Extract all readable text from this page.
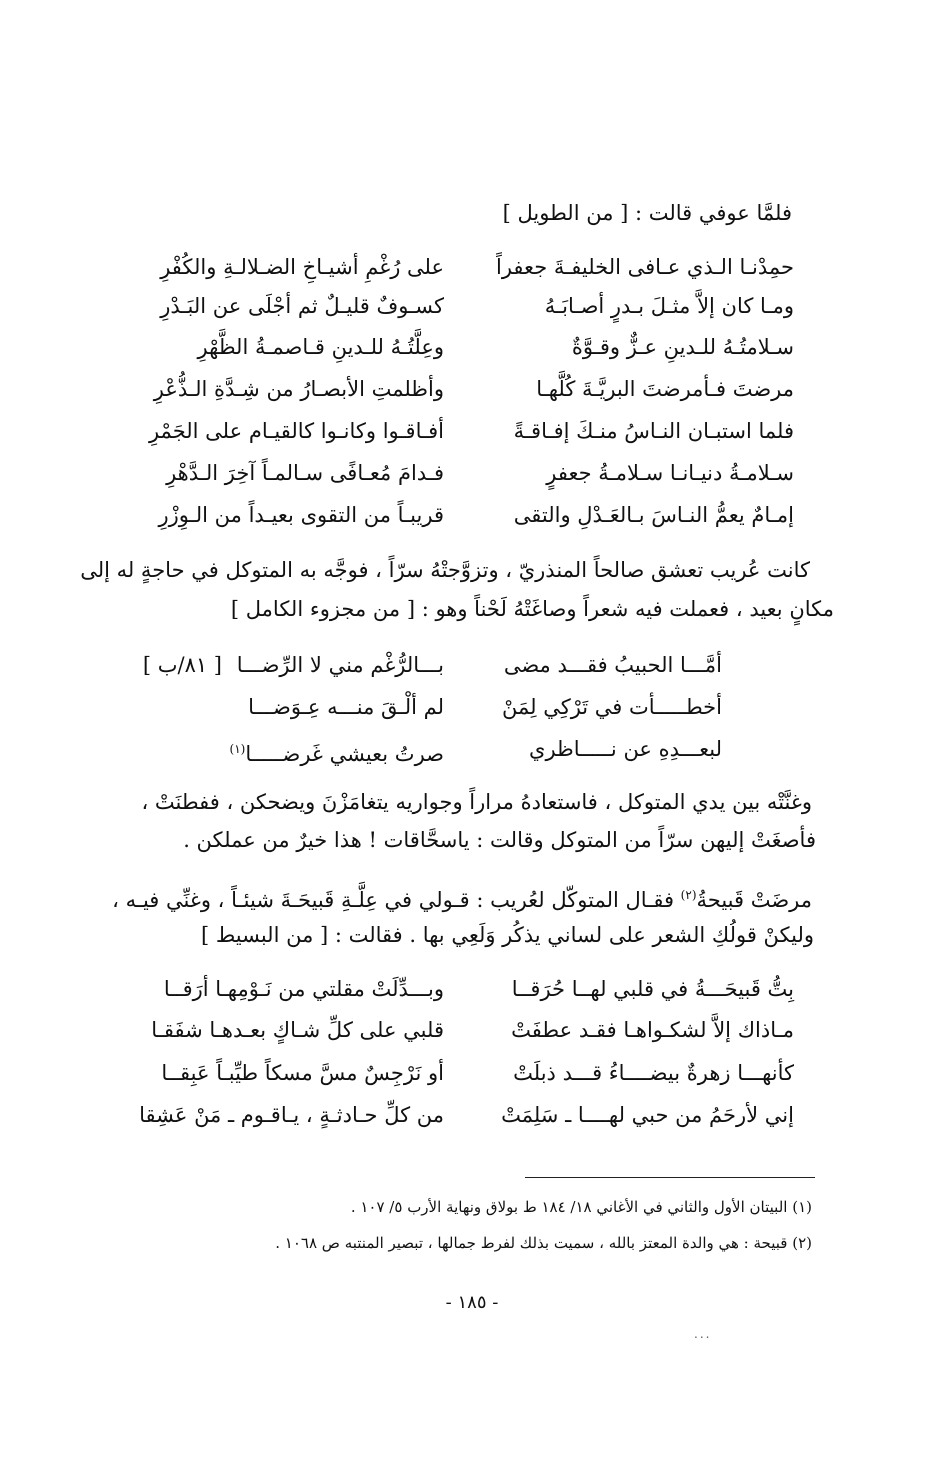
فلمَّا عوفي قالت : [ من الطويل ]
حمِدْنـا الـذي عـافى الخليفـةَ جعفراً
على رُغْمِ أشيـاخِ الضـلالـةِ والكُفْرِ
ومـا كان إلاَّ مثـلَ بـدرٍ أصـابَـهُ
كسـوفٌ قليـلٌ ثم أجْلَى عن البَـدْرِ
سـلامتُـهُ للـدينِ عـزٌّ وقـوَّةٌ
وعِلَّتُـهُ للـدينِ قـاصمـةُ الظَّهْرِ
مرضتَ فـأمرضتَ البريَّـةَ كُلَّهـا
وأظلمتِ الأبصـارُ من شِـدَّةِ الـذُّعْرِ
فلما استبـان النـاسُ منـكَ إفـاقـةً
أفـاقـوا وكانـوا كالقيـام على الجَمْرِ
سـلامـةُ دنيـانـا سـلامـةُ جعفرٍ
فـدامَ مُعـافًى سـالمـاً آخِرَ الـدَّهْرِ
إمـامٌ يعمُّ النـاسَ بـالعَـدْلِ والتقى
قريبـاً من التقوى بعيـداً من الـوِزْرِ
كانت عُريب تعشق صالحاً المنذريّ ، وتزوَّجتْهُ سرّاً ، فوجَّه به المتوكل في حاجةٍ له إلى
مكانٍ بعيد ، فعملت فيه شعراً وصاغَتْهُ لَحْناً وهو : [ من مجزوء الكامل ]
[ ٨١/ب ]	أمَّـــا الحبيبُ فقـــد مضى
بـــالرُّغْم مني لا الرِّضـــا
أخطـــــأت في تَرْكِي لِمَنْ
لم ألْـقَ منـــه عِـوَضـــا
لبعـــدِهِ عن نـــــاظري
صرتُ بعيشي غَرضـــــا$^{(١)}$
وغنَّتْه بين يدي المتوكل ، فاستعادهُ مراراً وجواريه يتغامَزْنَ ويضحكن ، ففطنَتْ ،
فأصغَتْ إليهن سرّاً من المتوكل وقالت : ياسحَّاقات ! هذا خيرٌ من عملكن .
مرضَتْ قَبيحةُ$^{(٢)}$ فقـال المتوكّل لعُريب : قـولي في عِلَّـةِ قَبيحَـةَ شيئـاً ، وغنِّي فيـه ،
وليكنْ قولُكِ الشعر على لساني يذكُر وَلَعِي بها . فقالت : [ من البسيط ]
بِتُّ قَبيحَـــةُ في قلبي لهــا حُرَقــا
وبـــدِّلَتْ مقلتي من نَـوْمِهـا أرَقــا
مـاذاك إلاَّ لشكـواهـا فقـد عطفَتْ
قلبي على كلِّ شـاكٍ بعـدهـا شفَقـا
كأنهـــا زهرةٌ بيضــــاءُ قـــد ذبلَتْ
أو نَرْجِسٌ مسَّ مسكاً طيِّبـاً عَبِقــا
إني لأرحَمُ من حبي لهــــا ـ سَلِمَتْ
من كلِّ حـادثـةٍ ، يـاقـوم ـ مَنْ عَشِقا
(١) البيتان الأول والثاني في الأغاني ١٨/ ١٨٤ ط بولاق ونهاية الأرب ٥/ ١٠٧ .
(٢) قبيحة : هي والدة المعتز بالله ، سميت بذلك لفرط جمالها ، تبصير المنتبه ص ١٠٦٨ .
- ١٨٥ -
...
